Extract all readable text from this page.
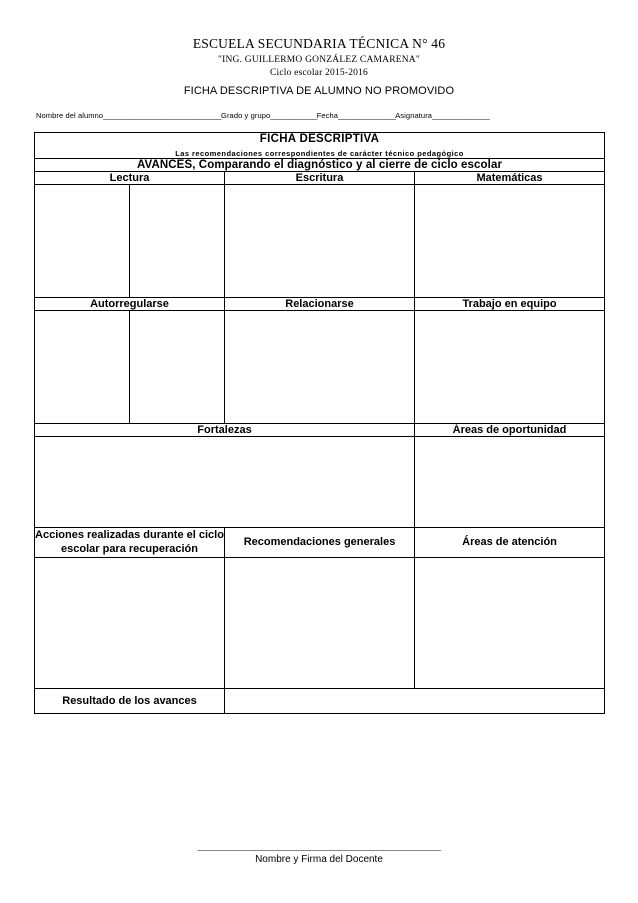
ESCUELA SECUNDARIA TÉCNICA N° 46
"ING. GUILLERMO GONZÁLEZ CAMARENA"
Ciclo escolar 2015-2016
FICHA DESCRIPTIVA DE ALUMNO NO PROMOVIDO
Nombre del alumno_________________________________Grado y grupo_____________Fecha________________Asignatura________________
FICHA DESCRIPTIVA
Las recomendaciones correspondientes de carácter técnico pedagógico			

AVANCES, Comparando el diagnóstico y al cierre de ciclo escolar			
Lectura		Escritura	Matemáticas

Autorregularse		Relacionarse	Trabajo en equipo

Fortalezas			Áreas de oportunidad

Acciones realizadas durante el ciclo escolar para recuperación		Recomendaciones generales	Áreas de atención

Resultado de los avances			
____________________________________________________________________
Nombre y Firma del Docente
